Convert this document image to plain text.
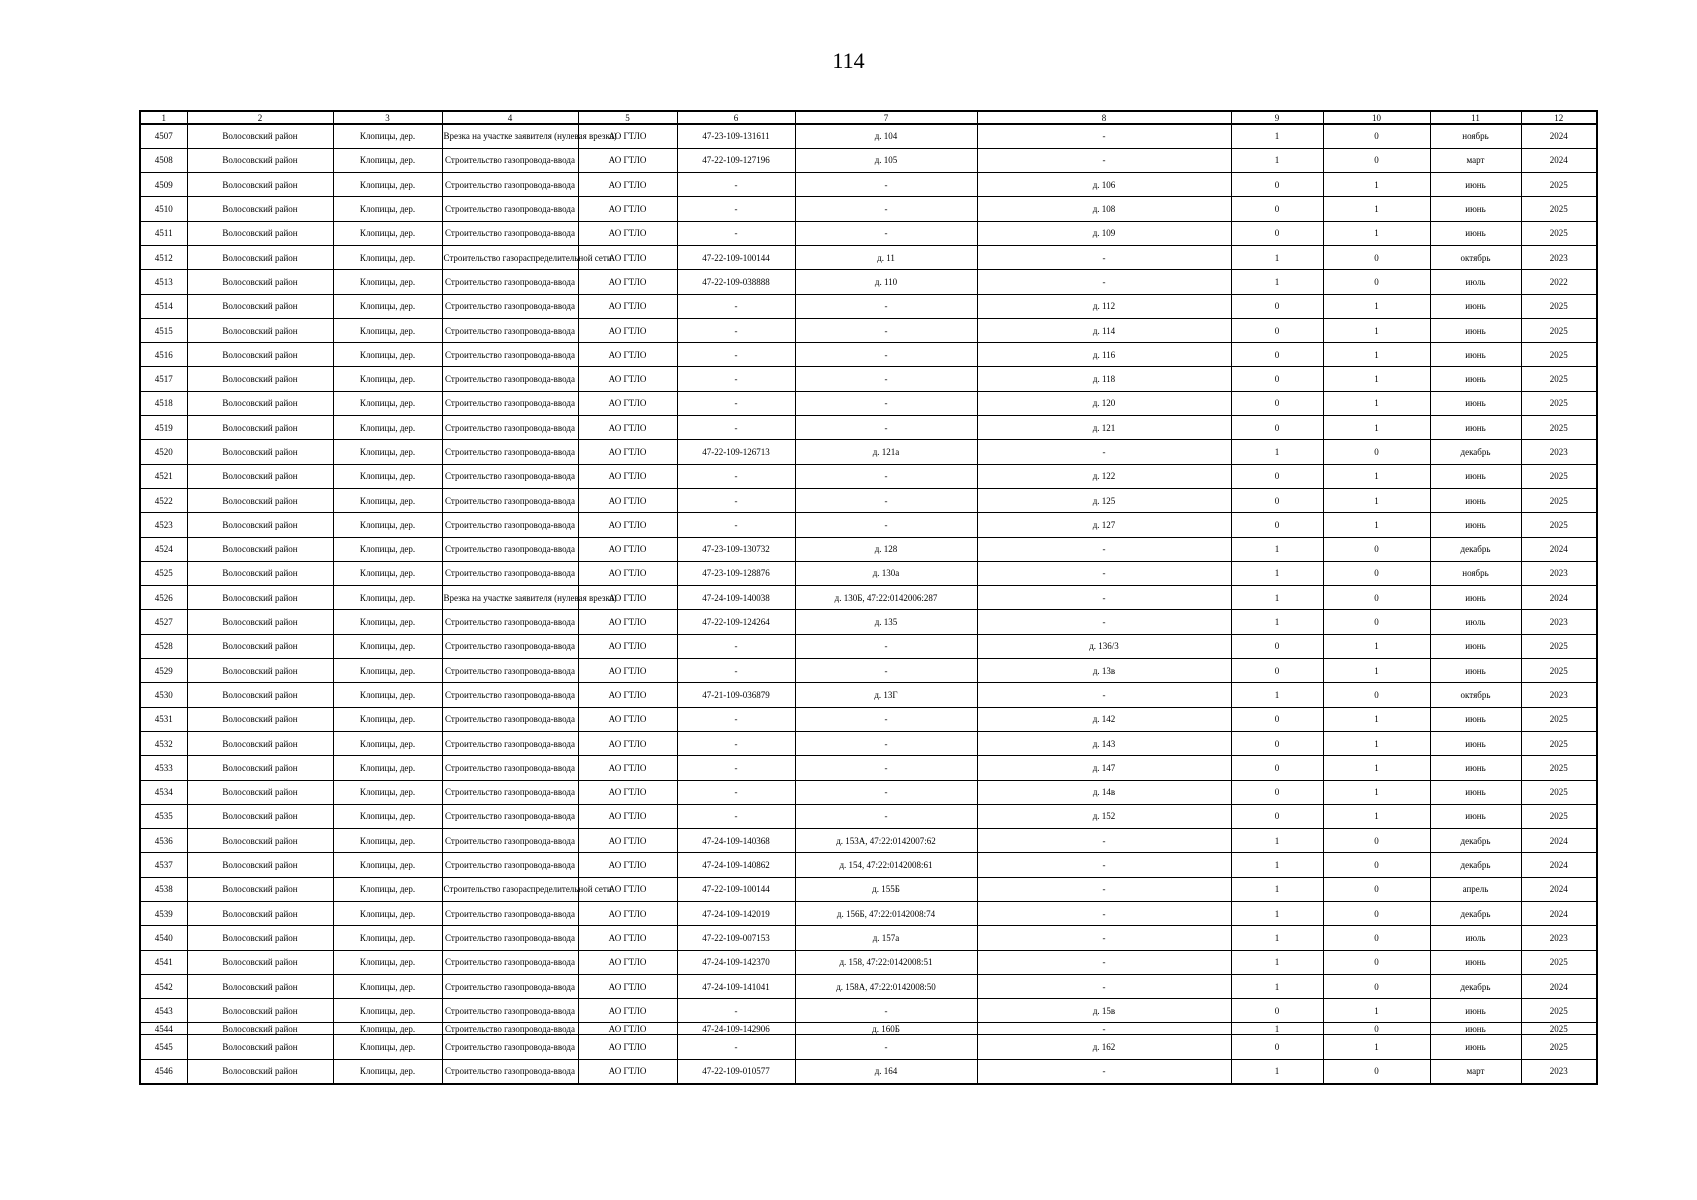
114
1	2	3	4	5	6	7	8	9	10	11	12
4507	Волосовский район	Клопицы, дер.	Врезка на участке заявителя (нулевая врезка)	АО ГТЛО	47-23-109-131611	д. 104	-	1	0	ноябрь	2024
4508	Волосовский район	Клопицы, дер.	Строительство газопровода-ввода	АО ГТЛО	47-22-109-127196	д. 105	-	1	0	март	2024
4509	Волосовский район	Клопицы, дер.	Строительство газопровода-ввода	АО ГТЛО	-	-	д. 106	0	1	июнь	2025
4510	Волосовский район	Клопицы, дер.	Строительство газопровода-ввода	АО ГТЛО	-	-	д. 108	0	1	июнь	2025
4511	Волосовский район	Клопицы, дер.	Строительство газопровода-ввода	АО ГТЛО	-	-	д. 109	0	1	июнь	2025
4512	Волосовский район	Клопицы, дер.	Строительство газораспределительной сети	АО ГТЛО	47-22-109-100144	д. 11	-	1	0	октябрь	2023
4513	Волосовский район	Клопицы, дер.	Строительство газопровода-ввода	АО ГТЛО	47-22-109-038888	д. 110	-	1	0	июль	2022
4514	Волосовский район	Клопицы, дер.	Строительство газопровода-ввода	АО ГТЛО	-	-	д. 112	0	1	июнь	2025
4515	Волосовский район	Клопицы, дер.	Строительство газопровода-ввода	АО ГТЛО	-	-	д. 114	0	1	июнь	2025
4516	Волосовский район	Клопицы, дер.	Строительство газопровода-ввода	АО ГТЛО	-	-	д. 116	0	1	июнь	2025
4517	Волосовский район	Клопицы, дер.	Строительство газопровода-ввода	АО ГТЛО	-	-	д. 118	0	1	июнь	2025
4518	Волосовский район	Клопицы, дер.	Строительство газопровода-ввода	АО ГТЛО	-	-	д. 120	0	1	июнь	2025
4519	Волосовский район	Клопицы, дер.	Строительство газопровода-ввода	АО ГТЛО	-	-	д. 121	0	1	июнь	2025
4520	Волосовский район	Клопицы, дер.	Строительство газопровода-ввода	АО ГТЛО	47-22-109-126713	д. 121а	-	1	0	декабрь	2023
4521	Волосовский район	Клопицы, дер.	Строительство газопровода-ввода	АО ГТЛО	-	-	д. 122	0	1	июнь	2025
4522	Волосовский район	Клопицы, дер.	Строительство газопровода-ввода	АО ГТЛО	-	-	д. 125	0	1	июнь	2025
4523	Волосовский район	Клопицы, дер.	Строительство газопровода-ввода	АО ГТЛО	-	-	д. 127	0	1	июнь	2025
4524	Волосовский район	Клопицы, дер.	Строительство газопровода-ввода	АО ГТЛО	47-23-109-130732	д. 128	-	1	0	декабрь	2024
4525	Волосовский район	Клопицы, дер.	Строительство газопровода-ввода	АО ГТЛО	47-23-109-128876	д. 130а	-	1	0	ноябрь	2023
4526	Волосовский район	Клопицы, дер.	Врезка на участке заявителя (нулевая врезка)	АО ГТЛО	47-24-109-140038	д. 130Б, 47:22:0142006:287	-	1	0	июнь	2024
4527	Волосовский район	Клопицы, дер.	Строительство газопровода-ввода	АО ГТЛО	47-22-109-124264	д. 135	-	1	0	июль	2023
4528	Волосовский район	Клопицы, дер.	Строительство газопровода-ввода	АО ГТЛО	-	-	д. 136/3	0	1	июнь	2025
4529	Волосовский район	Клопицы, дер.	Строительство газопровода-ввода	АО ГТЛО	-	-	д. 13в	0	1	июнь	2025
4530	Волосовский район	Клопицы, дер.	Строительство газопровода-ввода	АО ГТЛО	47-21-109-036879	д. 13Г	-	1	0	октябрь	2023
4531	Волосовский район	Клопицы, дер.	Строительство газопровода-ввода	АО ГТЛО	-	-	д. 142	0	1	июнь	2025
4532	Волосовский район	Клопицы, дер.	Строительство газопровода-ввода	АО ГТЛО	-	-	д. 143	0	1	июнь	2025
4533	Волосовский район	Клопицы, дер.	Строительство газопровода-ввода	АО ГТЛО	-	-	д. 147	0	1	июнь	2025
4534	Волосовский район	Клопицы, дер.	Строительство газопровода-ввода	АО ГТЛО	-	-	д. 14в	0	1	июнь	2025
4535	Волосовский район	Клопицы, дер.	Строительство газопровода-ввода	АО ГТЛО	-	-	д. 152	0	1	июнь	2025
4536	Волосовский район	Клопицы, дер.	Строительство газопровода-ввода	АО ГТЛО	47-24-109-140368	д. 153А, 47:22:0142007:62	-	1	0	декабрь	2024
4537	Волосовский район	Клопицы, дер.	Строительство газопровода-ввода	АО ГТЛО	47-24-109-140862	д. 154, 47:22:0142008:61	-	1	0	декабрь	2024
4538	Волосовский район	Клопицы, дер.	Строительство газораспределительной сети	АО ГТЛО	47-22-109-100144	д. 155Б	-	1	0	апрель	2024
4539	Волосовский район	Клопицы, дер.	Строительство газопровода-ввода	АО ГТЛО	47-24-109-142019	д. 156Б, 47:22:0142008:74	-	1	0	декабрь	2024
4540	Волосовский район	Клопицы, дер.	Строительство газопровода-ввода	АО ГТЛО	47-22-109-007153	д. 157а	-	1	0	июль	2023
4541	Волосовский район	Клопицы, дер.	Строительство газопровода-ввода	АО ГТЛО	47-24-109-142370	д. 158, 47:22:0142008:51	-	1	0	июнь	2025
4542	Волосовский район	Клопицы, дер.	Строительство газопровода-ввода	АО ГТЛО	47-24-109-141041	д. 158А, 47:22:0142008:50	-	1	0	декабрь	2024
4543	Волосовский район	Клопицы, дер.	Строительство газопровода-ввода	АО ГТЛО	-	-	д. 15в	0	1	июнь	2025
4544	Волосовский район	Клопицы, дер.	Строительство газопровода-ввода	АО ГТЛО	47-24-109-142906	д. 160Б	-	1	0	июнь	2025
4545	Волосовский район	Клопицы, дер.	Строительство газопровода-ввода	АО ГТЛО	-	-	д. 162	0	1	июнь	2025
4546	Волосовский район	Клопицы, дер.	Строительство газопровода-ввода	АО ГТЛО	47-22-109-010577	д. 164	-	1	0	март	2023
